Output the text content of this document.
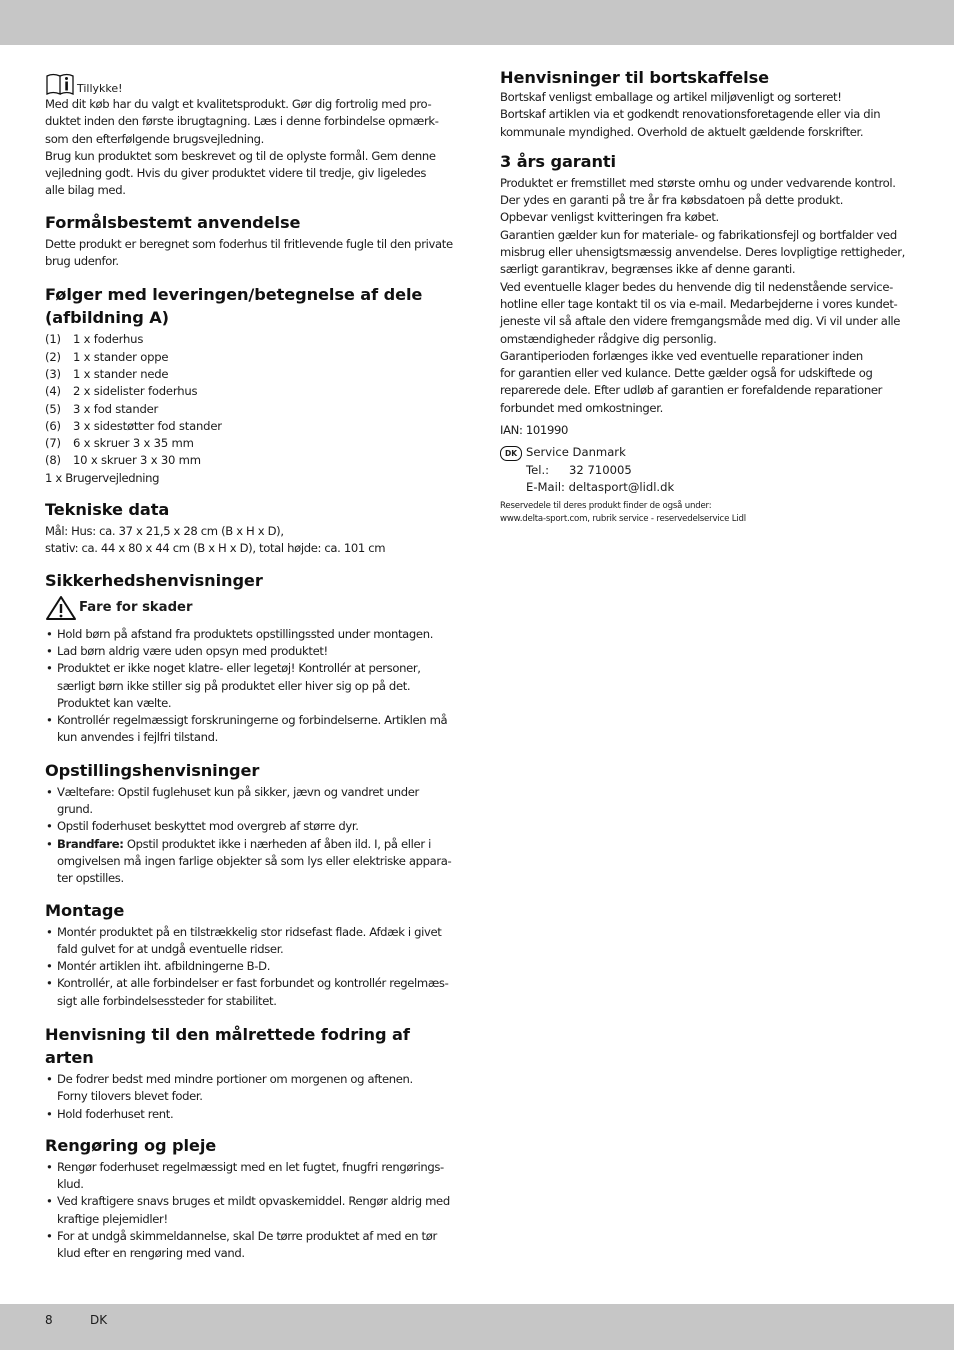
Tillykke!

Med dit køb har du valgt et kvalitetsprodukt. Gør dig fortrolig med pro-

duktet inden den første ibrugtagning. Læs i denne forbindelse opmærk-

som den efterfølgende brugsvejledning.

Brug kun produktet som beskrevet og til de oplyste formål. Gem denne

vejledning godt. Hvis du giver produktet videre til tredje, giv ligeledes

alle bilag med.

Formålsbestemt anvendelse

Dette produkt er beregnet som foderhus til fritlevende fugle til den private

brug udenfor.

Følger med leveringen/betegnelse af dele
(afbildning A)
(1)	1 x foderhus
(2)	1 x stander oppe
(3)	1 x stander nede
(4)	2 x sidelister foderhus
(5)	3 x fod stander
(6)	3 x sidestøtter fod stander
(7)	6 x skruer 3 x 35 mm
(8)	10 x skruer 3 x 30 mm

1 x Brugervejledning

Tekniske data

Mål: Hus: ca. 37 x 21,5 x 28 cm (B x H x D),

stativ: ca. 44 x 80 x 44 cm (B x H x D), total højde: ca. 101 cm

Sikkerhedshenvisninger
Fare for skader
• Hold børn på afstand fra produktets opstillingssted under montagen.
• Lad børn aldrig være uden opsyn med produktet!
• Produktet er ikke noget klatre- eller legetøj! Kontrollér at personer,
særligt børn ikke stiller sig på produktet eller hiver sig op på det.
Produktet kan vælte.
• Kontrollér regelmæssigt forskruningerne og forbindelserne. Artiklen må
kun anvendes i fejlfri tilstand.
Opstillingshenvisninger
• Væltefare: Opstil fuglehuset kun på sikker, jævn og vandret under
grund.
• Opstil foderhuset beskyttet mod overgreb af større dyr.
• Brandfare: Opstil produktet ikke i nærheden af åben ild. I, på eller i
omgivelsen må ingen farlige objekter så som lys eller elektriske appara-
ter opstilles.
Montage
• Montér produktet på en tilstrækkelig stor ridsefast flade. Afdæk i givet
fald gulvet for at undgå eventuelle ridser.
• Montér artiklen iht. afbildningerne B-D.
• Kontrollér, at alle forbindelser er fast forbundet og kontrollér regelmæs-
sigt alle forbindelsessteder for stabilitet.
Henvisning til den målrettede fodring af
arten
• De fodrer bedst med mindre portioner om morgenen og aftenen.
Forny tilovers blevet foder.
• Hold foderhuset rent.
Rengøring og pleje
• Rengør foderhuset regelmæssigt med en let fugtet, fnugfri rengørings-
klud.
• Ved kraftigere snavs bruges et mildt opvaskemiddel. Rengør aldrig med
kraftige plejemidler!
• For at undgå skimmeldannelse, skal De tørre produktet af med en tør
klud efter en rengøring med vand.
Henvisninger til bortskaffelse

Bortskaf venligst emballage og artikel miljøvenligt og sorteret!

Bortskaf artiklen via et godkendt renovationsforetagende eller via din

kommunale myndighed. Overhold de aktuelt gældende forskrifter.

3 års garanti

Produktet er fremstillet med største omhu og under vedvarende kontrol.

Der ydes en garanti på tre år fra købsdatoen på dette produkt.

Opbevar venligst kvitteringen fra købet.

Garantien gælder kun for materiale- og fabrikationsfejl og bortfalder ved

misbrug eller uhensigtsmæssig anvendelse. Deres lovpligtige rettigheder,

særligt garantikrav, begrænses ikke af denne garanti.

Ved eventuelle klager bedes du henvende dig til nedenstående service-

hotline eller tage kontakt til os via e-mail. Medarbejderne i vores kundet-

jeneste vil så aftale den videre fremgangsmåde med dig. Vi vil under alle

omstændigheder rådgive dig personlig.

Garantiperioden forlænges ikke ved eventuelle reparationer inden

for garantien eller ved kulance. Dette gælder også for udskiftede og

reparerede dele. Efter udløb af garantien er forefaldende reparationer

forbundet med omkostninger.

IAN: 101990

DK Service Danmark

Tel.:	32 710005

E-Mail: deltasport@lidl.dk

Reservedele til deres produkt finder de også under:

www.delta-sport.com, rubrik service - reservedelservice Lidl

8	DK
